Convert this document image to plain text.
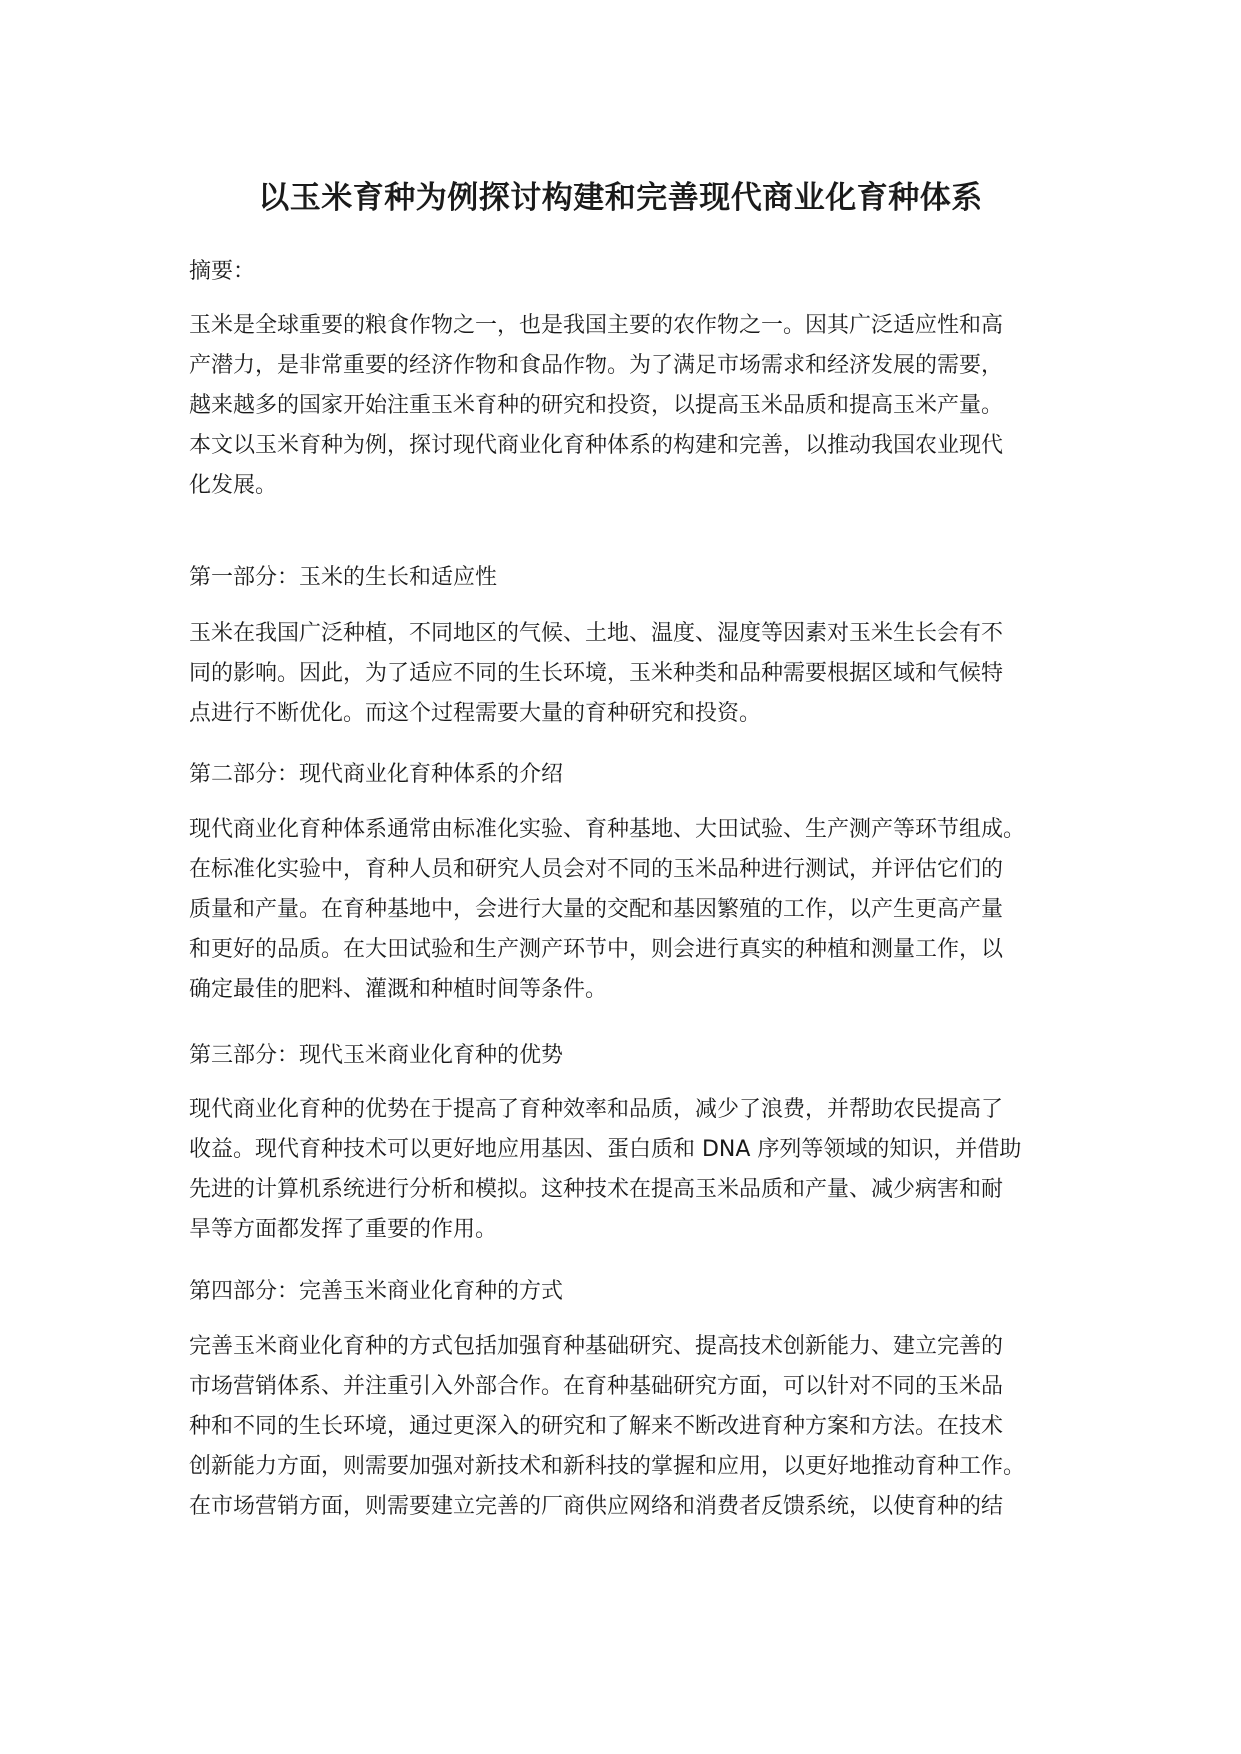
以玉米育种为例探讨构建和完善现代商业化育种体系

摘要：

玉米是全球重要的粮食作物之一，也是我国主要的农作物之一。因其广泛适应性和高
产潜力，是非常重要的经济作物和食品作物。为了满足市场需求和经济发展的需要，
越来越多的国家开始注重玉米育种的研究和投资，以提高玉米品质和提高玉米产量。
本文以玉米育种为例，探讨现代商业化育种体系的构建和完善，以推动我国农业现代
化发展。

第一部分：玉米的生长和适应性

玉米在我国广泛种植，不同地区的气候、土地、温度、湿度等因素对玉米生长会有不
同的影响。因此，为了适应不同的生长环境，玉米种类和品种需要根据区域和气候特
点进行不断优化。而这个过程需要大量的育种研究和投资。

第二部分：现代商业化育种体系的介绍

现代商业化育种体系通常由标准化实验、育种基地、大田试验、生产测产等环节组成。
在标准化实验中，育种人员和研究人员会对不同的玉米品种进行测试，并评估它们的
质量和产量。在育种基地中，会进行大量的交配和基因繁殖的工作，以产生更高产量
和更好的品质。在大田试验和生产测产环节中，则会进行真实的种植和测量工作，以
确定最佳的肥料、灌溉和种植时间等条件。

第三部分：现代玉米商业化育种的优势

现代商业化育种的优势在于提高了育种效率和品质，减少了浪费，并帮助农民提高了
收益。现代育种技术可以更好地应用基因、蛋白质和 DNA 序列等领域的知识，并借助
先进的计算机系统进行分析和模拟。这种技术在提高玉米品质和产量、减少病害和耐
旱等方面都发挥了重要的作用。

第四部分：完善玉米商业化育种的方式

完善玉米商业化育种的方式包括加强育种基础研究、提高技术创新能力、建立完善的
市场营销体系、并注重引入外部合作。在育种基础研究方面，可以针对不同的玉米品
种和不同的生长环境，通过更深入的研究和了解来不断改进育种方案和方法。在技术
创新能力方面，则需要加强对新技术和新科技的掌握和应用，以更好地推动育种工作。
在市场营销方面，则需要建立完善的厂商供应网络和消费者反馈系统，以使育种的结
